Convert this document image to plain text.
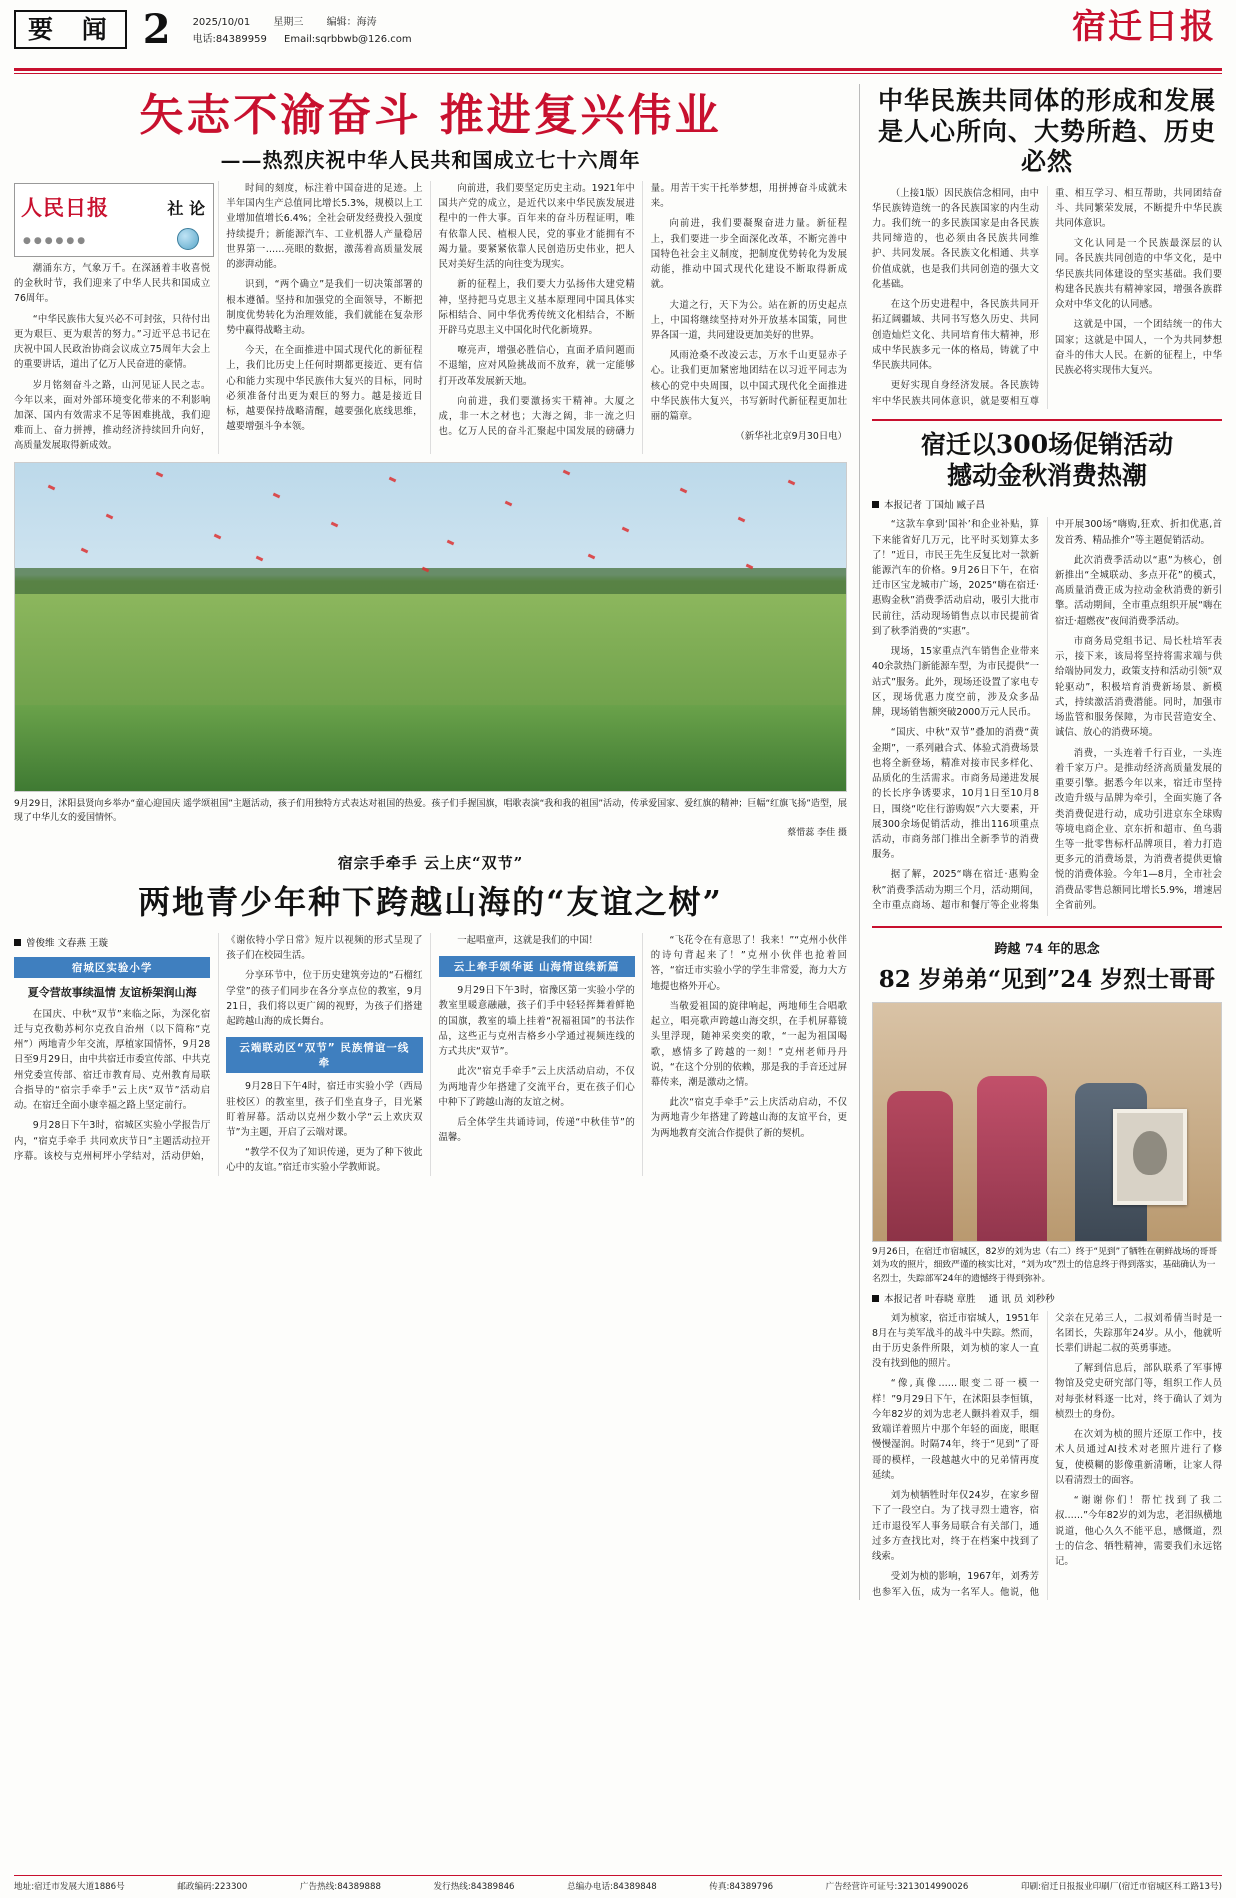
要 闻 2 2025/10/01 星期三 编辑：海涛
电话:84389959 Email:sqrbbwb@126.com	宿迁日报
矢志不渝奋斗 推进复兴伟业
——热烈庆祝中华人民共和国成立七十六周年
人民日报	社 论
●●●●●●

潮涌东方，气象万千。在深涵着丰收喜悦的金秋时节，我们迎来了中华人民共和国成立76周年。

“中华民族伟大复兴必不可封弦，只待付出更为艰巨、更为艰苦的努力。”习近平总书记在庆祝中国人民政治协商会议成立75周年大会上的重要讲话，道出了亿万人民奋进的豪情。

岁月铭刻奋斗之路，山河见证人民之志。今年以来，面对外部环境变化带来的不利影响加深、国内有效需求不足等困难挑战，我们迎难而上、奋力拼搏，推动经济持续回升向好，高质量发展取得新成效。

时间的刻度，标注着中国奋进的足迹。上半年国内生产总值同比增长5.3%，规模以上工业增加值增长6.4%；全社会研发经费投入强度持续提升；新能源汽车、工业机器人产量稳居世界第一……亮眼的数据，激荡着高质量发展的澎湃动能。

识到，“两个确立”是我们一切决策部署的根本遵循。坚持和加强党的全面领导，不断把制度优势转化为治理效能，我们就能在复杂形势中赢得战略主动。

今天，在全面推进中国式现代化的新征程上，我们比历史上任何时期都更接近、更有信心和能力实现中华民族伟大复兴的目标，同时必须准备付出更为艰巨的努力。越是接近目标，越要保持战略清醒，越要强化底线思维，越要增强斗争本领。

向前进，我们要坚定历史主动。1921年中国共产党的成立，是近代以来中华民族发展进程中的一件大事。百年来的奋斗历程证明，唯有依靠人民、植根人民，党的事业才能拥有不竭力量。要紧紧依靠人民创造历史伟业，把人民对美好生活的向往变为现实。

新的征程上，我们要大力弘扬伟大建党精神，坚持把马克思主义基本原理同中国具体实际相结合、同中华优秀传统文化相结合，不断开辟马克思主义中国化时代化新境界。

嘹亮声，增强必胜信心，直面矛盾问题而不退缩，应对风险挑战而不放弃，就一定能够打开改革发展新天地。

向前进，我们要激扬实干精神。大厦之成，非一木之材也；大海之阔，非一流之归也。亿万人民的奋斗汇聚起中国发展的磅礴力量。用苦干实干托举梦想，用拼搏奋斗成就未来。

向前进，我们要凝聚奋进力量。新征程上，我们要进一步全面深化改革，不断完善中国特色社会主义制度，把制度优势转化为发展动能，推动中国式现代化建设不断取得新成就。

大道之行，天下为公。站在新的历史起点上，中国将继续坚持对外开放基本国策，同世界各国一道，共同建设更加美好的世界。

风雨沧桑不改凌云志，万水千山更显赤子心。让我们更加紧密地团结在以习近平同志为核心的党中央周围，以中国式现代化全面推进中华民族伟大复兴，书写新时代新征程更加壮丽的篇章。

（新华社北京9月30日电）

9月29日，沭阳县贤向乡举办“童心迎国庆 遥学颂祖国”主题活动，孩子们用独特方式表达对祖国的热爱。孩子们手握国旗，唱歌表演“我和我的祖国”活动，传承爱国家、爱红旗的精神；巨幅“红旗飞扬”造型，展现了中华儿女的爱国情怀。
蔡惜蕊 李佳 摄
宿宗手牵手 云上庆“双节”
两地青少年种下跨越山海的“友谊之树”
曾俊维 文春燕 王璇
宿城区实验小学

夏令营故事续温情 友谊桥架润山海

在国庆、中秋“双节”来临之际，为深化宿迁与克孜勒苏柯尔克孜自治州（以下简称“克州”）两地青少年交流，厚植家国情怀，9月28日至9月29日，由中共宿迁市委宣传部、中共克州党委宣传部、宿迁市教育局、克州教育局联合指导的“宿宗手牵手”云上庆“双节”活动启动。在宿迁全面小康幸福之路上坚定前行。

9月28日下午3时，宿城区实验小学报告厅内，“宿克手牵手 共同欢庆节日”主题活动拉开序幕。该校与克州柯坪小学结对，活动伊始，《谢依特小学日常》短片以视频的形式呈现了孩子们在校园生活。

分享环节中，位于历史建筑旁边的“石榴红学堂”的孩子们同步在各分享点位的教室，9月21日，我们将以更广阔的视野，为孩子们搭建起跨越山海的成长舞台。

云端联动区“双节” 民族情谊一线牵

9月28日下午4时，宿迁市实验小学（西局驻校区）的教室里，孩子们坐直身子，目光紧盯着屏幕。活动以克州少数小学“云上欢庆双节”为主题，开启了云端对课。

“教学不仅为了知识传递，更为了种下彼此心中的友谊。”宿迁市实验小学教师说。

一起唱童声，这就是我们的中国！

云上牵手颂华诞 山海情谊续新篇

9月29日下午3时，宿豫区第一实验小学的教室里暖意融融，孩子们手中轻轻挥舞着鲜艳的国旗，教室的墙上挂着“祝福祖国”的书法作品，这些正与克州吉格乡小学通过视频连线的方式共庆“双节”。

此次“宿克手牵手”云上庆活动启动，不仅为两地青少年搭建了交流平台，更在孩子们心中种下了跨越山海的友谊之树。

后全体学生共诵诗词，传递“中秋佳节”的温馨。

“飞花令在有意思了！我来！”“克州小伙伴的诗句背起来了！”克州小伙伴也抢着回答，“宿迁市实验小学的学生非常爱，海力大方地提也格外开心。

当敬爱祖国的旋律响起，两地师生合唱歌起立，唱亮歌声跨越山海交织，在手机屏幕镜头里浮现，随神采奕奕的歌，“一起为祖国喝歌，感情多了跨越的一刻！”克州老师丹丹说，“在这个分别的依赖，那是我的手音还过屏幕传来，潮是激动之情。

此次“宿克手牵手”云上庆活动启动，不仅为两地青少年搭建了跨越山海的友谊平台，更为两地教育交流合作提供了新的契机。

中华民族共同体的形成和发展
是人心所向、大势所趋、历史必然

（上接1版）因民族信念相同，由中华民族铸造统一的各民族国家的内生动力。我们统一的多民族国家是由各民族共同缔造的，也必须由各民族共同维护、共同发展。各民族文化相通、共享价值成就，也是我们共同创造的强大文化基础。

在这个历史进程中，各民族共同开拓辽阔疆域、共同书写悠久历史、共同创造灿烂文化、共同培育伟大精神，形成中华民族多元一体的格局，铸就了中华民族共同体。

更好实现自身经济发展。各民族铸牢中华民族共同体意识，就是要相互尊重、相互学习、相互帮助，共同团结奋斗、共同繁荣发展，不断提升中华民族共同体意识。

文化认同是一个民族最深层的认同。各民族共同创造的中华文化，是中华民族共同体建设的坚实基础。我们要构建各民族共有精神家园，增强各族群众对中华文化的认同感。

这就是中国，一个团结统一的伟大国家；这就是中国人，一个为共同梦想奋斗的伟大人民。在新的征程上，中华民族必将实现伟大复兴。

宿迁以300场促销活动
撼动金秋消费热潮
本报记者 丁国灿 臧子昌

“这款车拿到‘国补’和企业补贴，算下来能省好几万元，比平时买划算太多了！”近日，市民王先生反复比对一款新能源汽车的价格。9月26日下午，在宿迁市区宝龙城市广场，2025“嗨在宿迁·惠购金秋”消费季活动启动，吸引大批市民前往，活动现场销售点以市民提前省到了秋季消费的“实惠”。

现场，15家重点汽车销售企业带来40余款热门新能源车型，为市民提供“一站式”服务。此外，现场还设置了家电专区，现场优惠力度空前，涉及众多品牌，现场销售额突破2000万元人民币。

“国庆、中秋“双节”叠加的消费“黄金期”，一系列融合式、体验式消费场景也将全新登场，精准对接市民多样化、品质化的生活需求。市商务局递进发展的长长序争诱要求，10月1日至10月8日，围绕“吃住行游购娱”六大要素，开展300余场促销活动，推出116项重点活动，市商务部门推出全新季节的消费服务。

据了解，2025“嗨在宿迁·惠购金秋”消费季活动为期三个月，活动期间，全市重点商场、超市和餐厅等企业将集中开展300场“嗨购,狂欢、折扣优惠,首发首秀、精品推介”等主题促销活动。

此次消费季活动以“惠”为核心，创新推出“全城联动、多点开花”的模式，高质量消费正成为拉动金秋消费的新引擎。活动期间，全市重点组织开展“嗨在宿迁·超燃夜”夜间消费季活动。

市商务局党组书记、局长杜培军表示，接下来，该局将坚持将需求端与供给端协同发力，政策支持和活动引领“双轮驱动”，积极培育消费新场景、新模式，持续激活消费潜能。同时，加强市场监管和服务保障，为市民营造安全、诚信、放心的消费环境。

消费，一头连着千行百业，一头连着千家万户。是推动经济高质量发展的重要引擎。据悉今年以来，宿迁市坚持改造升级与品牌为牵引，全面实施了各类消费促进行动，成功引进京东全球购等境电商企业、京东折和超市、鱼乌翡生等一批零售标杆品牌项目，着力打造更多元的消费场景，为消费者提供更愉悦的消费体验。今年1—8月，全市社会消费品零售总额同比增长5.9%，增速居全省前列。

跨越 74 年的思念
82 岁弟弟“见到”24 岁烈士哥哥
9月26日，在宿迁市宿城区，82岁的刘为忠（右二）终于“见到”了牺牲在朝鲜战场的哥哥刘为攻的照片，细致严谨的核实比对，“刘为攻”烈士的信息终于得到落实，基础确认为一名烈士，失踪部军24年的遗憾终于得到弥补。
本报记者 叶春晓 章胜 通 讯 员 刘秒秒

刘为桢家，宿迁市宿城人，1951年8月在与美军战斗的战斗中失踪。然而，由于历史条件所限，刘为桢的家人一直没有找到他的照片。

“像,真像……眼变二哥一模一样！”9月29日下午，在沭阳县李恒镇，今年82岁的刘为忠老人颤抖着双手，细致端详着照片中那个年轻的面庞，眼眶慢慢湿润。时隔74年，终于“见到”了哥哥的模样，一段越越火中的兄弟情再度延续。

刘为桢牺牲时年仅24岁，在家乡留下了一段空白。为了找寻烈士遗容，宿迁市退役军人事务局联合有关部门，通过多方查找比对，终于在档案中找到了线索。

受刘为桢的影响，1967年，刘秀芳也参军入伍，成为一名军人。他说，他父亲在兄弟三人，二叔刘希倩当时是一名团长，失踪那年24岁。从小，他就听长辈们讲起二叔的英勇事迹。

了解到信息后，部队联系了军事博物馆及党史研究部门等，组织工作人员对每张材料逐一比对，终于确认了刘为桢烈士的身份。

在次刘为桢的照片还原工作中，技术人员通过AI技术对老照片进行了修复，使模糊的影像重新清晰，让家人得以看清烈士的面容。

“谢谢你们！帮忙找到了我二叔……”今年82岁的刘为忠，老泪纵横地说道，他心久久不能平息，感慨道，烈士的信念、牺牲精神，需要我们永远铭记。

地址:宿迁市发展大道1886号	邮政编码:223300	广告热线:84389888	发行热线:84389846	总编办电话:84389848	传真:84389796	广告经营许可证号:3213014990026	印刷:宿迁日报报业印刷厂(宿迁市宿城区科工路13号)
